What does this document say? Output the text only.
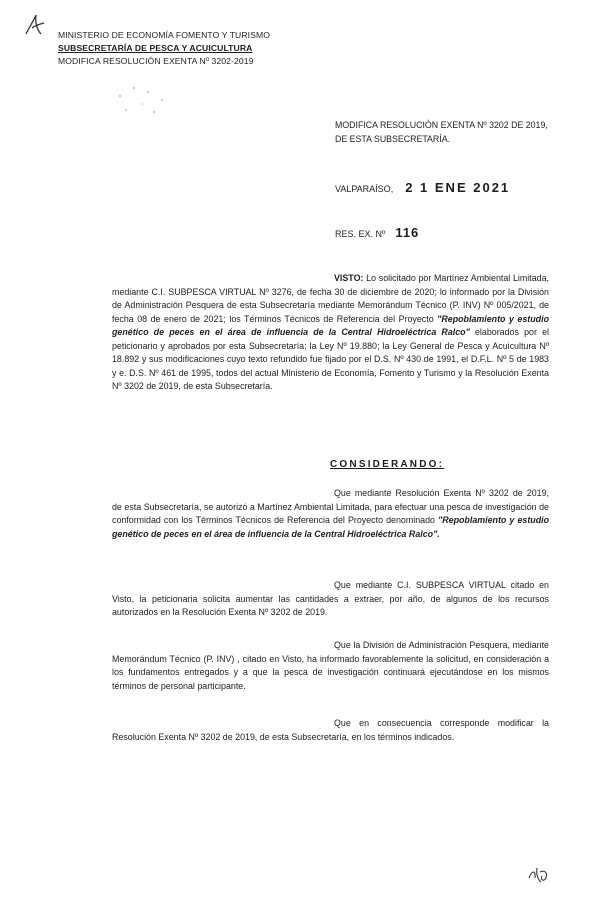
MINISTERIO DE ECONOMÍA FOMENTO Y TURISMO
SUBSECRETARÍA DE PESCA Y ACUICULTURA
MODIFICA RESOLUCIÓN EXENTA Nº 3202-2019
MODIFICA RESOLUCIÓN EXENTA Nº 3202 DE 2019, DE ESTA SUBSECRETARÍA.
VALPARAÍSO, 2 1 ENE 2021
RES. EX. Nº 116
VISTO: Lo solicitado por Martínez Ambiental Limitada, mediante C.I. SUBPESCA VIRTUAL Nº 3276, de fecha 30 de diciembre de 2020; lo informado por la División de Administración Pesquera de esta Subsecretaría mediante Memorándum Técnico (P. INV) Nº 005/2021, de fecha 08 de enero de 2021; los Términos Técnicos de Referencia del Proyecto "Repoblamiento y estudio genético de peces en el área de influencia de la Central Hidroeléctrica Ralco" elaborados por el peticionario y aprobados por esta Subsecretaría; la Ley Nº 19.880; la Ley General de Pesca y Acuicultura Nº 18.892 y sus modificaciones cuyo texto refundido fue fijado por el D.S. Nº 430 de 1991, el D.F.L. Nº 5 de 1983 y e. D.S. Nº 461 de 1995, todos del actual Ministerio de Economía, Fomento y Turismo y la Resolución Exenta Nº 3202 de 2019, de esta Subsecretaría.
CONSIDERANDO:
Que mediante Resolución Exenta Nº 3202 de 2019, de esta Subsecretaría, se autorizó a Martínez Ambiental Limitada, para efectuar una pesca de investigación de conformidad con los Términos Técnicos de Referencia del Proyecto denominado "Repoblamiento y estudio genético de peces en el área de influencia de la Central Hidroeléctrica Ralco".
Que mediante C.I. SUBPESCA VIRTUAL citado en Visto, la peticionaria solicita aumentar las cantidades a extraer, por año, de algunos de los recursos autorizados en la Resolución Exenta Nº 3202 de 2019.
Que la División de Administración Pesquera, mediante Memorándum Técnico (P. INV) , citado en Visto, ha informado favorablemente la solicitud, en consideración a los fundamentos entregados y a que la pesca de investigación continuará ejecutándose en los mismos términos de personal participante.
Que en consecuencia corresponde modificar la Resolución Exenta Nº 3202 de 2019, de esta Subsecretaría, en los términos indicados.
